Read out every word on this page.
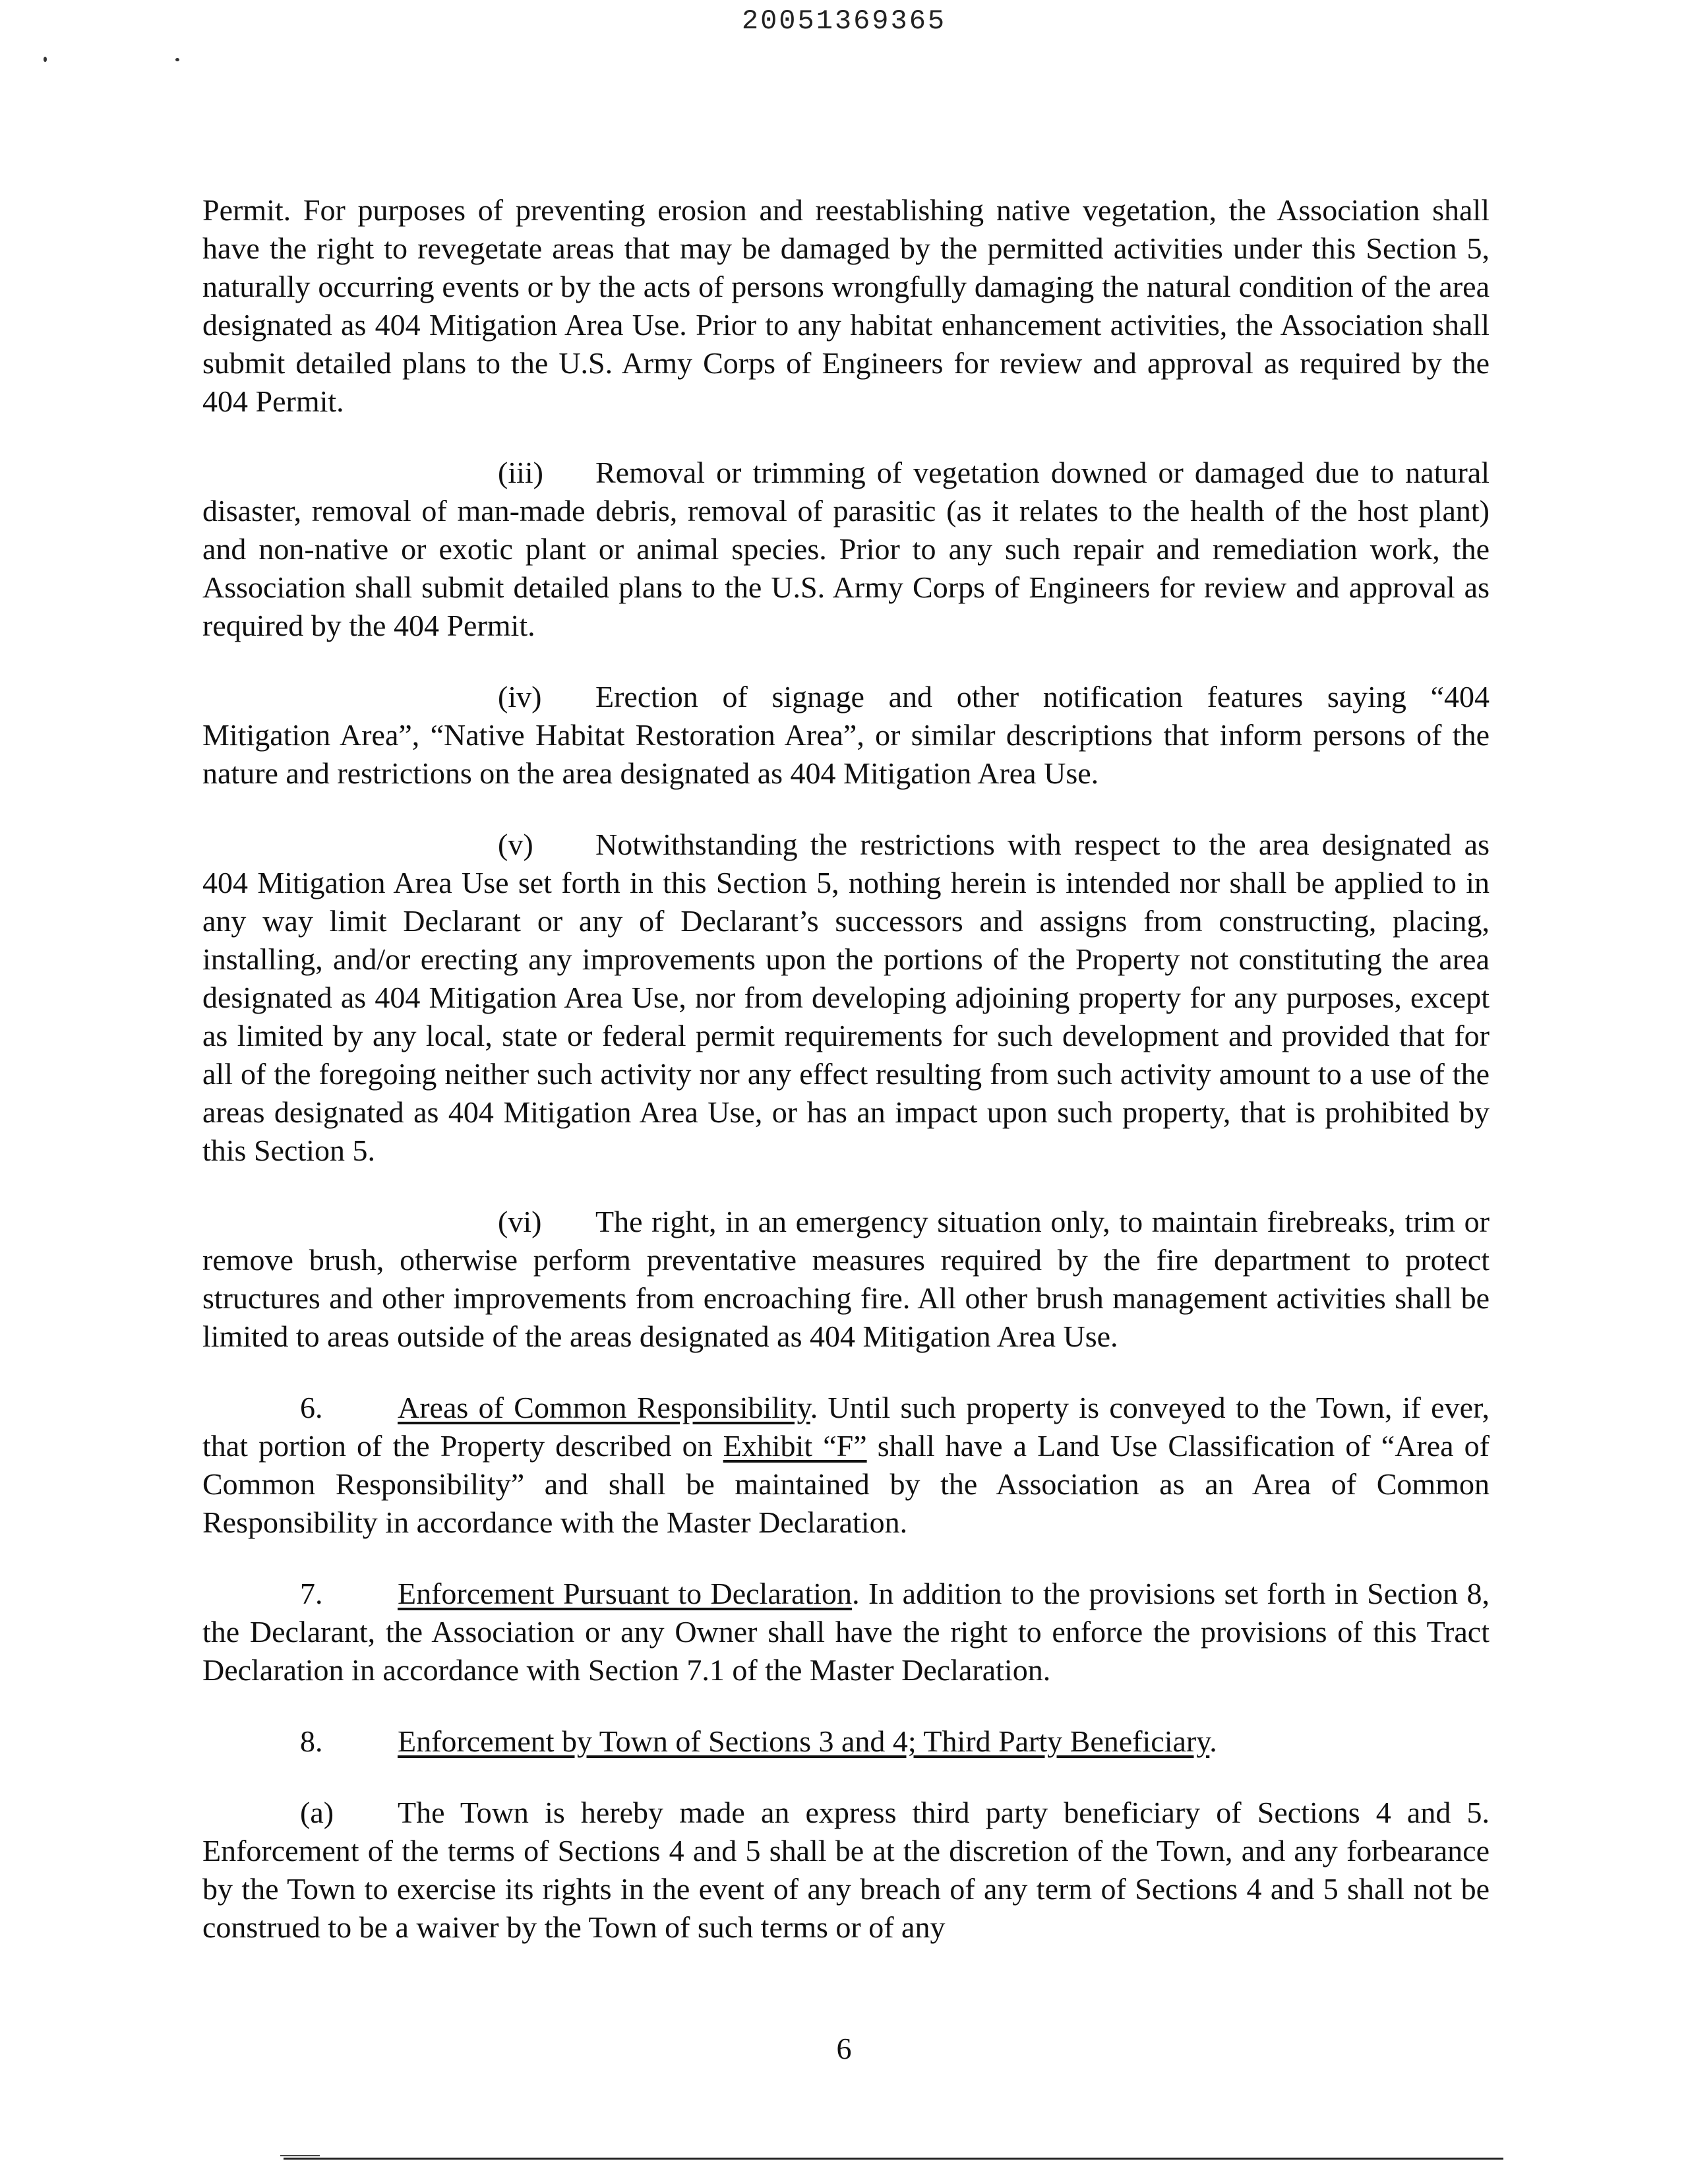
20051369365

Permit. For purposes of preventing erosion and reestablishing native vegetation, the Association shall have the right to revegetate areas that may be damaged by the permitted activities under this Section 5, naturally occurring events or by the acts of persons wrongfully damaging the natural condition of the area designated as 404 Mitigation Area Use. Prior to any habitat enhancement activities, the Association shall submit detailed plans to the U.S. Army Corps of Engineers for review and approval as required by the 404 Permit.

(iii) Removal or trimming of vegetation downed or damaged due to natural disaster, removal of man-made debris, removal of parasitic (as it relates to the health of the host plant) and non-native or exotic plant or animal species. Prior to any such repair and remediation work, the Association shall submit detailed plans to the U.S. Army Corps of Engineers for review and approval as required by the 404 Permit.

(iv) Erection of signage and other notification features saying “404 Mitigation Area”, “Native Habitat Restoration Area”, or similar descriptions that inform persons of the nature and restrictions on the area designated as 404 Mitigation Area Use.

(v) Notwithstanding the restrictions with respect to the area designated as 404 Mitigation Area Use set forth in this Section 5, nothing herein is intended nor shall be applied to in any way limit Declarant or any of Declarant’s successors and assigns from constructing, placing, installing, and/or erecting any improvements upon the portions of the Property not constituting the area designated as 404 Mitigation Area Use, nor from developing adjoining property for any purposes, except as limited by any local, state or federal permit requirements for such development and provided that for all of the foregoing neither such activity nor any effect resulting from such activity amount to a use of the areas designated as 404 Mitigation Area Use, or has an impact upon such property, that is prohibited by this Section 5.

(vi) The right, in an emergency situation only, to maintain firebreaks, trim or remove brush, otherwise perform preventative measures required by the fire department to protect structures and other improvements from encroaching fire. All other brush management activities shall be limited to areas outside of the areas designated as 404 Mitigation Area Use.

6. Areas of Common Responsibility. Until such property is conveyed to the Town, if ever, that portion of the Property described on Exhibit “F” shall have a Land Use Classification of “Area of Common Responsibility” and shall be maintained by the Association as an Area of Common Responsibility in accordance with the Master Declaration.

7. Enforcement Pursuant to Declaration. In addition to the provisions set forth in Section 8, the Declarant, the Association or any Owner shall have the right to enforce the provisions of this Tract Declaration in accordance with Section 7.1 of the Master Declaration.

8. Enforcement by Town of Sections 3 and 4; Third Party Beneficiary.

(a) The Town is hereby made an express third party beneficiary of Sections 4 and 5. Enforcement of the terms of Sections 4 and 5 shall be at the discretion of the Town, and any forbearance by the Town to exercise its rights in the event of any breach of any term of Sections 4 and 5 shall not be construed to be a waiver by the Town of such terms or of any

6
